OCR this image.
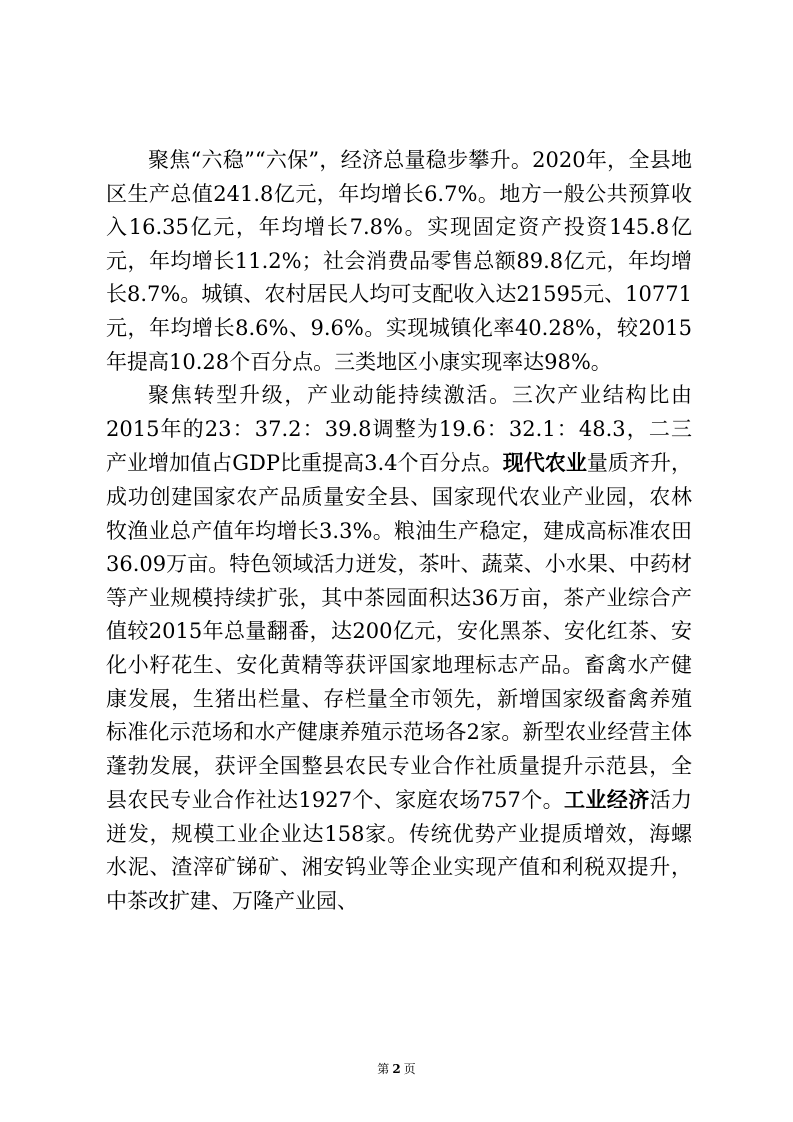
聚焦“六稳”“六保”，经济总量稳步攀升。2020年，全县地区生产总值241.8亿元，年均增长6.7%。地方一般公共预算收入16.35亿元，年均增长7.8%。实现固定资产投资145.8亿元，年均增长11.2%；社会消费品零售总额89.8亿元，年均增长8.7%。城镇、农村居民人均可支配收入达21595元、10771元，年均增长8.6%、9.6%。实现城镇化率40.28%，较2015年提高10.28个百分点。三类地区小康实现率达98%。

聚焦转型升级，产业动能持续激活。三次产业结构比由2015年的23：37.2：39.8调整为19.6：32.1：48.3，二三产业增加值占GDP比重提高3.4个百分点。现代农业量质齐升，成功创建国家农产品质量安全县、国家现代农业产业园，农林牧渔业总产值年均增长3.3%。粮油生产稳定，建成高标准农田36.09万亩。特色领域活力迸发，茶叶、蔬菜、小水果、中药材等产业规模持续扩张，其中茶园面积达36万亩，茶产业综合产值较2015年总量翻番，达200亿元，安化黑茶、安化红茶、安化小籽花生、安化黄精等获评国家地理标志产品。畜禽水产健康发展，生猪出栏量、存栏量全市领先，新增国家级畜禽养殖标准化示范场和水产健康养殖示范场各2家。新型农业经营主体蓬勃发展，获评全国整县农民专业合作社质量提升示范县，全县农民专业合作社达1927个、家庭农场757个。工业经济活力迸发，规模工业企业达158家。传统优势产业提质增效，海螺水泥、渣滓矿锑矿、湘安钨业等企业实现产值和利税双提升，中茶改扩建、万隆产业园、

第 2 页
